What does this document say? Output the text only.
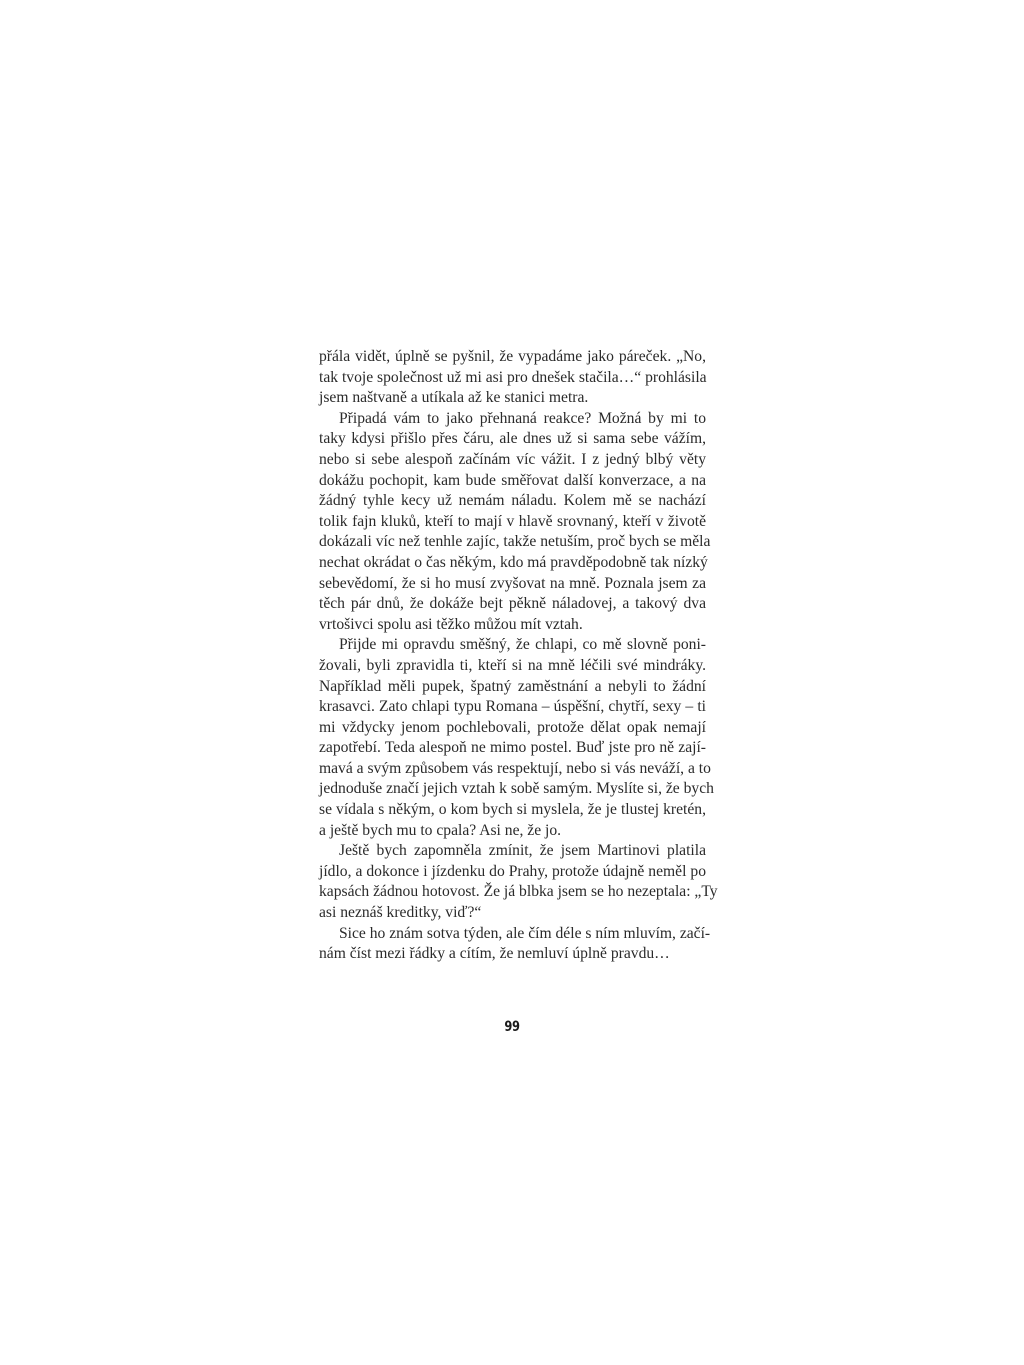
přála vidět, úplně se pyšnil, že vypadáme jako páreček. „No,
tak tvoje společnost už mi asi pro dnešek stačila…“ prohlásila
jsem naštvaně a utíkala až ke stanici metra.
Připadá vám to jako přehnaná reakce? Možná by mi to
taky kdysi přišlo přes čáru, ale dnes už si sama sebe vážím,
nebo si sebe alespoň začínám víc vážit. I z jedný blbý věty
dokážu pochopit, kam bude směřovat další konverzace, a na
žádný tyhle kecy už nemám náladu. Kolem mě se nachází
tolik fajn kluků, kteří to mají v hlavě srovnaný, kteří v životě
dokázali víc než tenhle zajíc, takže netuším, proč bych se měla
nechat okrádat o čas někým, kdo má pravděpodobně tak nízký
sebevědomí, že si ho musí zvyšovat na mně. Poznala jsem za
těch pár dnů, že dokáže bejt pěkně náladovej, a takový dva
vrtošivci spolu asi těžko můžou mít vztah.
Přijde mi opravdu směšný, že chlapi, co mě slovně poni-
žovali, byli zpravidla ti, kteří si na mně léčili své mindráky.
Například měli pupek, špatný zaměstnání a nebyli to žádní
krasavci. Zato chlapi typu Romana – úspěšní, chytří, sexy – ti
mi vždycky jenom pochlebovali, protože dělat opak nemají
zapotřebí. Teda alespoň ne mimo postel. Buď jste pro ně zají-
mavá a svým způsobem vás respektují, nebo si vás neváží, a to
jednoduše značí jejich vztah k sobě samým. Myslíte si, že bych
se vídala s někým, o kom bych si myslela, že je tlustej kretén,
a ještě bych mu to cpala? Asi ne, že jo.
Ještě bych zapomněla zmínit, že jsem Martinovi platila
jídlo, a dokonce i jízdenku do Prahy, protože údajně neměl po
kapsách žádnou hotovost. Že já blbka jsem se ho nezeptala: „Ty
asi neznáš kreditky, viď?“
Sice ho znám sotva týden, ale čím déle s ním mluvím, začí-
nám číst mezi řádky a cítím, že nemluví úplně pravdu…
99
